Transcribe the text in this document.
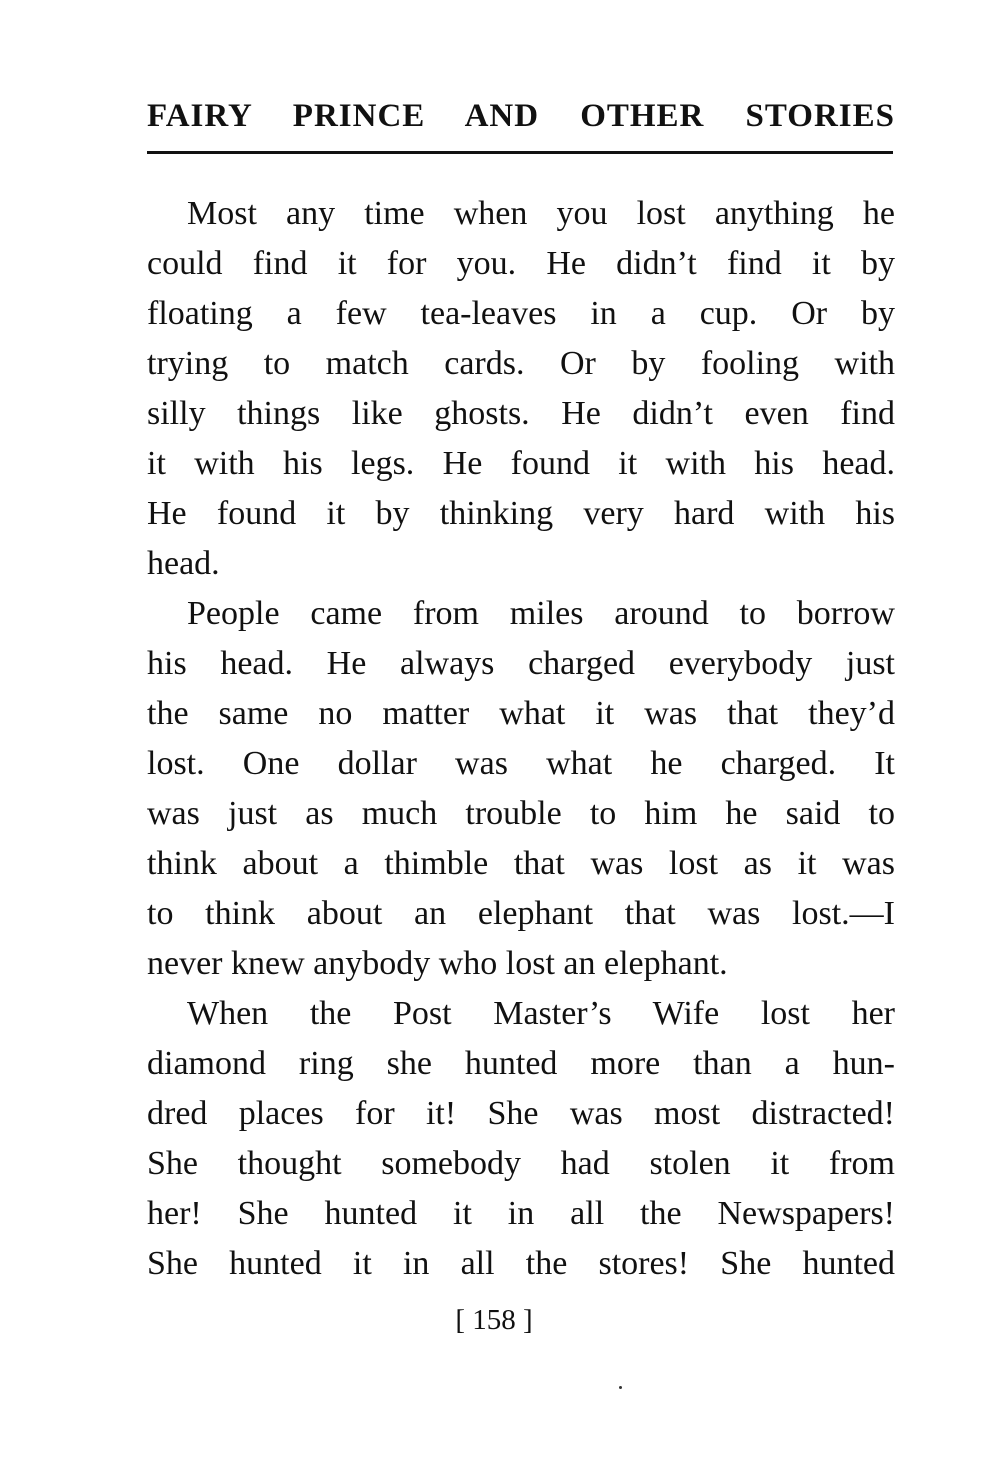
FAIRY PRINCE AND OTHER STORIES

Most any time when you lost anything he
could find it for you. He didn’t find it by
floating a few tea-leaves in a cup. Or by
trying to match cards. Or by fooling with
silly things like ghosts. He didn’t even find
it with his legs. He found it with his head.
He found it by thinking very hard with his
head.

People came from miles around to borrow
his head. He always charged everybody just
the same no matter what it was that they’d
lost. One dollar was what he charged. It
was just as much trouble to him he said to
think about a thimble that was lost as it was
to think about an elephant that was lost.—I
never knew anybody who lost an elephant.

When the Post Master’s Wife lost her
diamond ring she hunted more than a hun-
dred places for it! She was most distracted!
She thought somebody had stolen it from
her! She hunted it in all the Newspapers!
She hunted it in all the stores! She hunted

[ 158 ]
